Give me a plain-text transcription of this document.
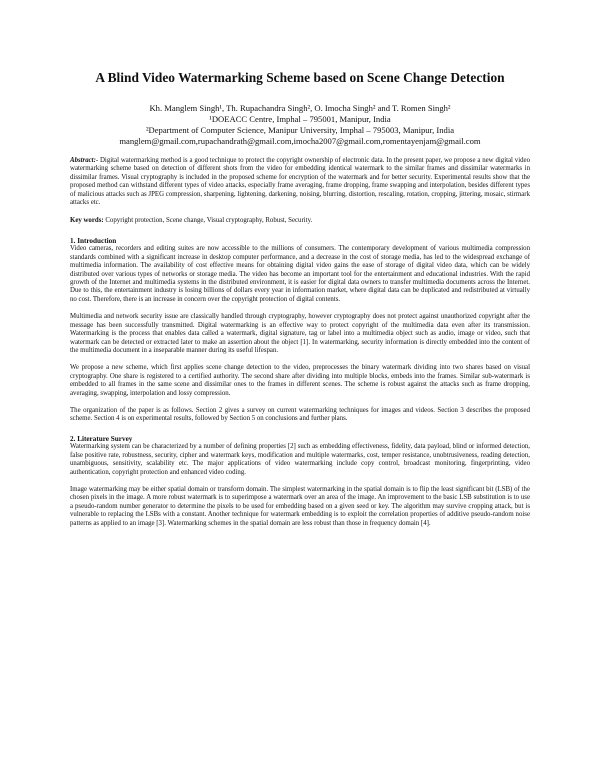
A Blind Video Watermarking Scheme based on Scene Change Detection
Kh. Manglem Singh¹, Th. Rupachandra Singh², O. Imocha Singh² and T. Romen Singh²
¹DOEACC Centre, Imphal – 795001, Manipur, India
²Department of Computer Science, Manipur University, Imphal – 795003, Manipur, India
manglem@gmail.com,rupachandrath@gmail.com,imocha2007@gmail.com,romentayenjam@gmail.com

Abstract:- Digital watermarking method is a good technique to protect the copyright ownership of electronic data. In the present paper, we propose a new digital video watermarking scheme based on detection of different shots from the video for embedding identical watermark to the similar frames and dissimilar watermarks in dissimilar frames. Visual cryptography is included in the proposed scheme for encryption of the watermark and for better security. Experimental results show that the proposed method can withstand different types of video attacks, especially frame averaging, frame dropping, frame swapping and interpolation, besides different types of malicious attacks such as JPEG compression, sharpening, lightening, darkening, noising, blurring, distortion, rescaling, rotation, cropping, jittering, mosaic, stirmark attacks etc.

Key words: Copyright protection, Scene change, Visual cryptography, Robust, Security.

1. Introduction

Video cameras, recorders and editing suites are now accessible to the millions of consumers. The contemporary development of various multimedia compression standards combined with a significant increase in desktop computer performance, and a decrease in the cost of storage media, has led to the widespread exchange of multimedia information. The availability of cost effective means for obtaining digital video gains the ease of storage of digital video data, which can be widely distributed over various types of networks or storage media. The video has become an important tool for the entertainment and educational industries. With the rapid growth of the Internet and multimedia systems in the distributed environment, it is easier for digital data owners to transfer multimedia documents across the Internet. Due to this, the entertainment industry is losing billions of dollars every year in information market, where digital data can be duplicated and redistributed at virtually no cost. Therefore, there is an increase in concern over the copyright protection of digital contents.

Multimedia and network security issue are classically handled through cryptography, however cryptography does not protect against unauthorized copyright after the message has been successfully transmitted. Digital watermarking is an effective way to protect copyright of the multimedia data even after its transmission. Watermarking is the process that enables data called a watermark, digital signature, tag or label into a multimedia object such as audio, image or video, such that watermark can be detected or extracted later to make an assertion about the object [1]. In watermarking, security information is directly embedded into the content of the multimedia document in a inseparable manner during its useful lifespan.

We propose a new scheme, which first applies scene change detection to the video, preprocesses the binary watermark dividing into two shares based on visual cryptography. One share is registered to a certified authority. The second share after dividing into multiple blocks, embeds into the frames. Similar sub-watermark is embedded to all frames in the same scene and dissimilar ones to the frames in different scenes. The scheme is robust against the attacks such as frame dropping, averaging, swapping, interpolation and lossy compression.

The organization of the paper is as follows. Section 2 gives a survey on current watermarking techniques for images and videos. Section 3 describes the proposed scheme. Section 4 is on experimental results, followed by Section 5 on conclusions and further plans.

2. Literature Survey

Watermarking system can be characterized by a number of defining properties [2] such as embedding effectiveness, fidelity, data payload, blind or informed detection, false positive rate, robustness, security, cipher and watermark keys, modification and multiple watermarks, cost, temper resistance, unobtrusiveness, reading detection, unambiguous, sensitivity, scalability etc. The major applications of video watermarking include copy control, broadcast monitoring, fingerprinting, video authentication, copyright protection and enhanced video coding.

Image watermarking may be either spatial domain or transform domain. The simplest watermarking in the spatial domain is to flip the least significant bit (LSB) of the chosen pixels in the image. A more robust watermark is to superimpose a watermark over an area of the image. An improvement to the basic LSB substitution is to use a pseudo-random number generator to determine the pixels to be used for embedding based on a given seed or key. The algorithm may survive cropping attack, but is vulnerable to replacing the LSBs with a constant. Another technique for watermark embedding is to exploit the correlation properties of additive pseudo-random noise patterns as applied to an image [3]. Watermarking schemes in the spatial domain are less robust than those in frequency domain [4].
